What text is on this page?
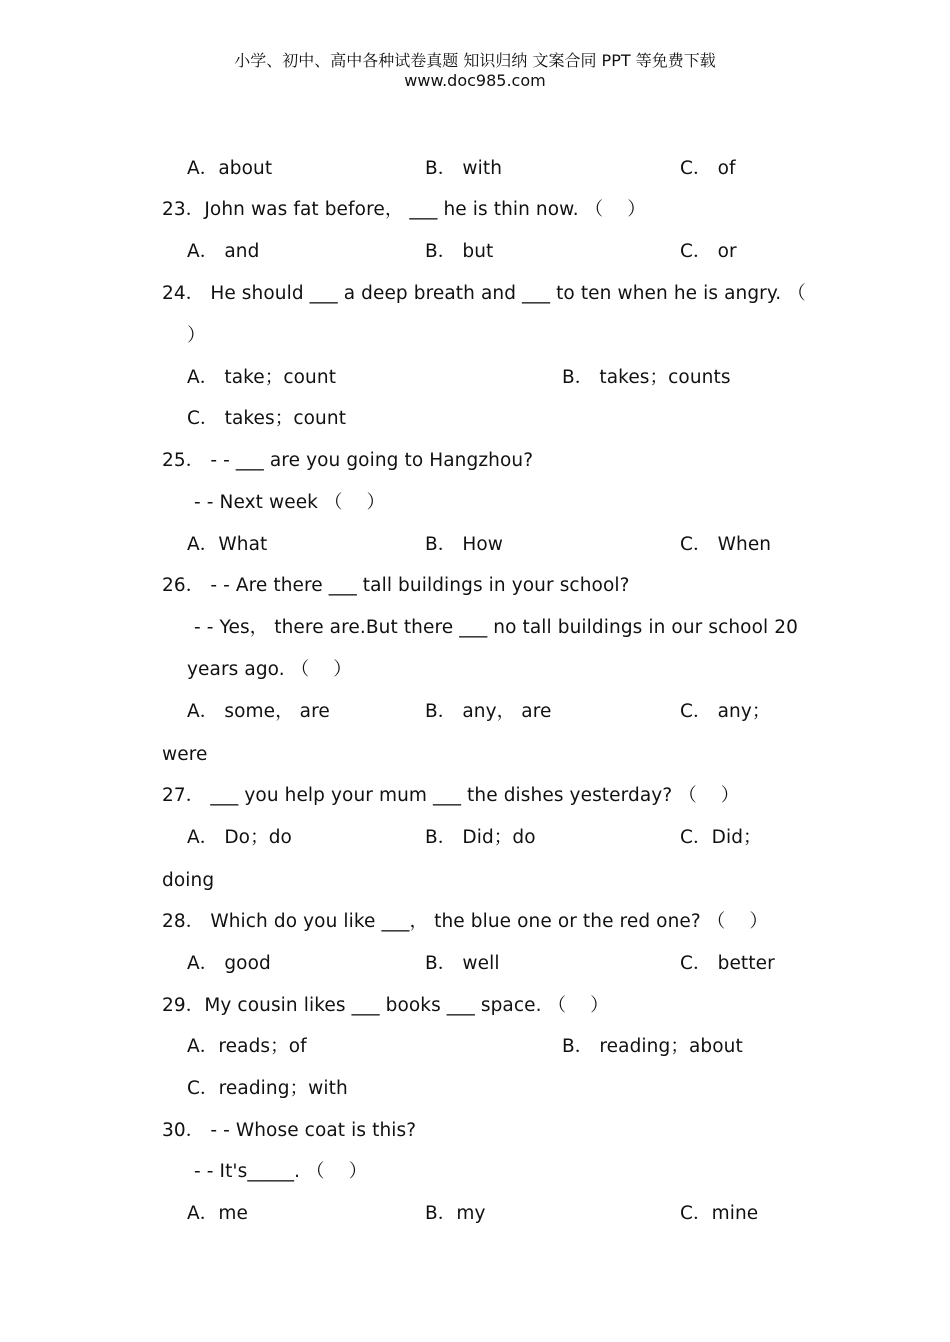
小学、初中、高中各种试卷真题 知识归纳 文案合同 PPT 等免费下载
www.doc985.com
A．about	B． with	C． of
23．John was fat before， ___ he is thin now. （    ）
A． and	B． but	C． or
24． He should ___ a deep breath and ___ to ten when he is angry. （
）
A． take；count	B． takes；counts
C． takes；count
25． - - ___ are you going to Hangzhou?
- - Next week （    ）
A．What	B． How	C． When
26． - - Are there ___ tall buildings in your school?
- - Yes， there are.But there ___ no tall buildings in our school 20
years ago. （    ）
A． some， are	B． any， are	C． any；
were
27． ___ you help your mum ___ the dishes yesterday? （    ）
A． Do；do	B． Did；do	C．Did；
doing
28． Which do you like ___， the blue one or the red one? （    ）
A． good	B． well	C． better
29．My cousin likes ___ books ___ space. （    ）
A．reads；of	B． reading；about
C．reading；with
30． - - Whose coat is this?
- - It's_____. （    ）
A．me	B．my	C．mine
